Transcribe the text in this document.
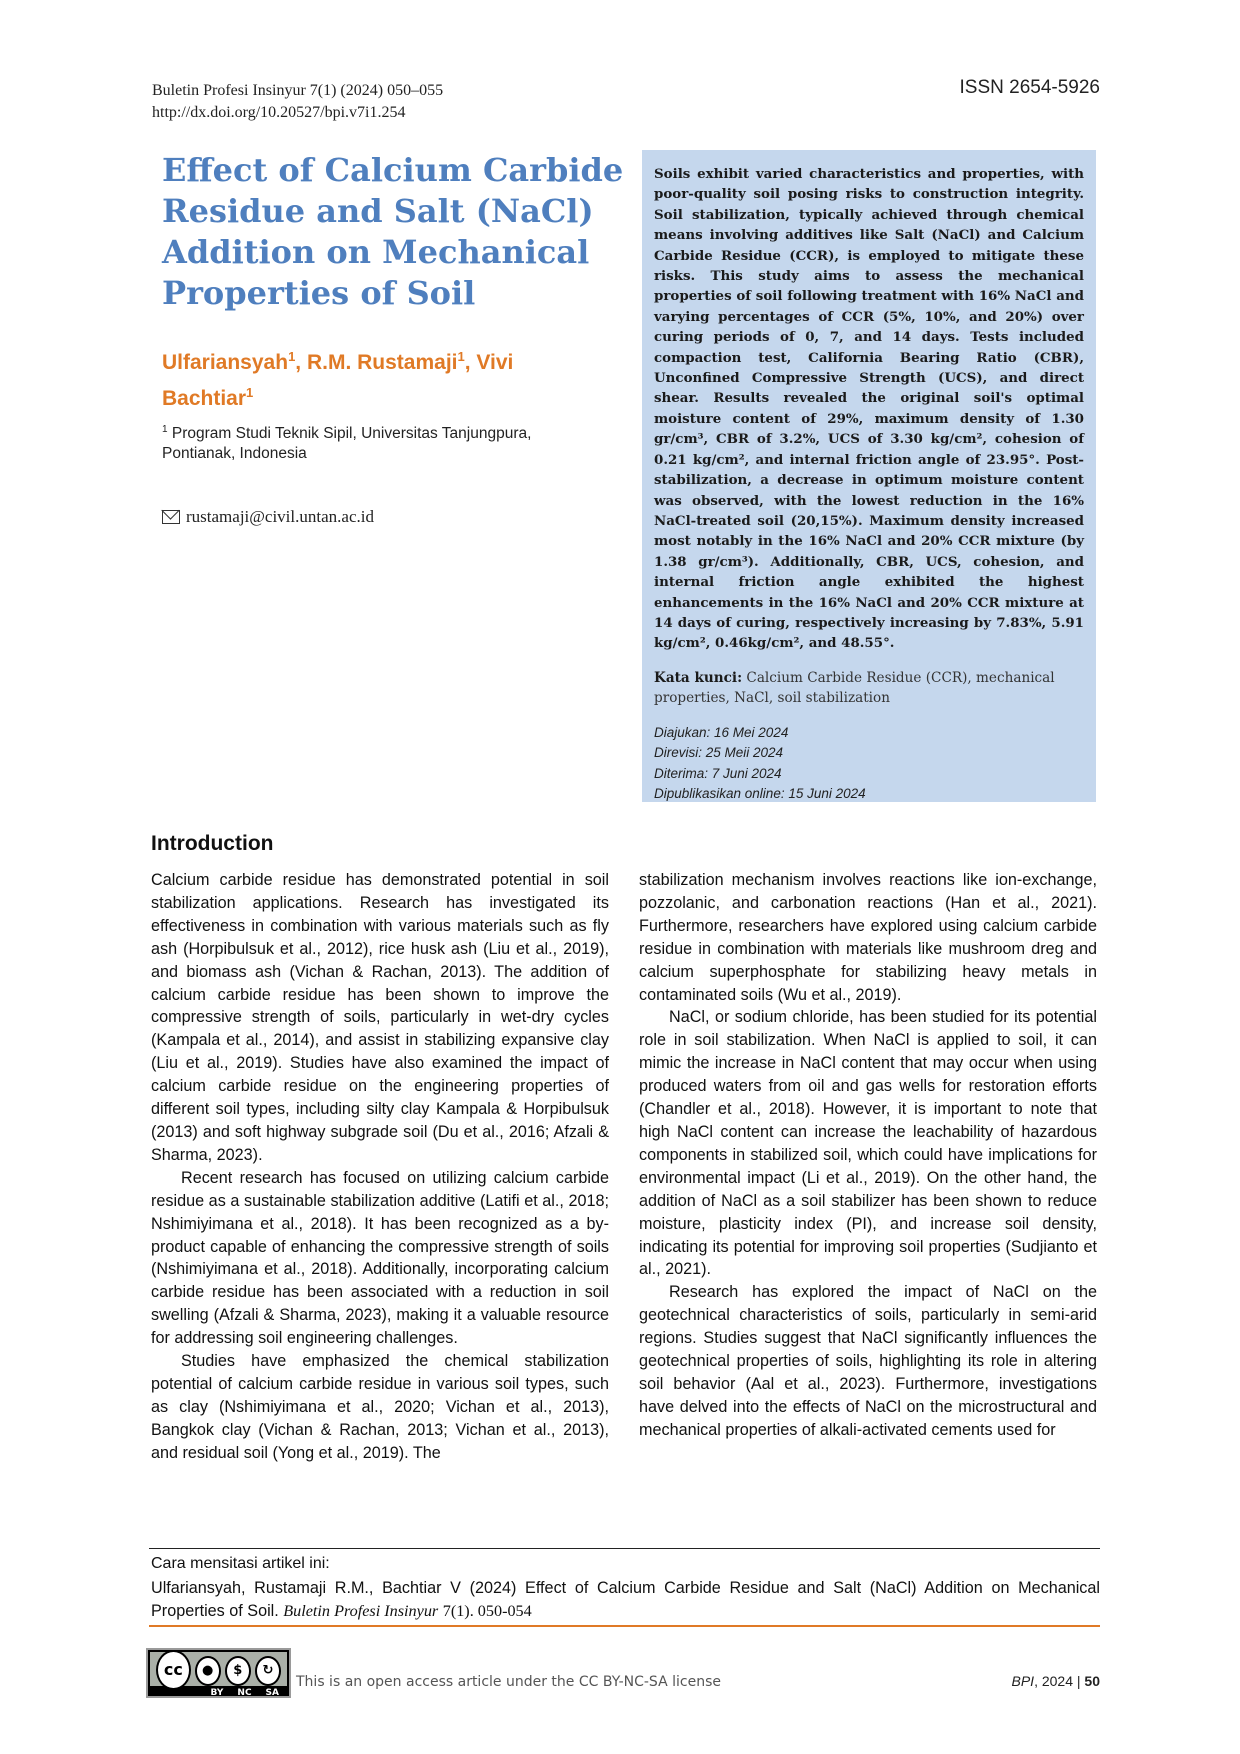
Buletin Profesi Insinyur 7(1) (2024) 050–055
http://dx.doi.org/10.20527/bpi.v7i1.254
ISSN 2654-5926
Effect of Calcium Carbide Residue and Salt (NaCl) Addition on Mechanical Properties of Soil
Ulfariansyah$^1$, R.M. Rustamaji$^1$, Vivi Bachtiar$^1$
$^1$ Program Studi Teknik Sipil, Universitas Tanjungpura, Pontianak, Indonesia
rustamaji@civil.untan.ac.id

Soils exhibit varied characteristics and properties, with poor-quality soil posing risks to construction integrity. Soil stabilization, typically achieved through chemical means involving additives like Salt (NaCl) and Calcium Carbide Residue (CCR), is employed to mitigate these risks. This study aims to assess the mechanical properties of soil following treatment with 16% NaCl and varying percentages of CCR (5%, 10%, and 20%) over curing periods of 0, 7, and 14 days. Tests included compaction test, California Bearing Ratio (CBR), Unconfined Compressive Strength (UCS), and direct shear. Results revealed the original soil's optimal moisture content of 29%, maximum density of 1.30 gr/cm³, CBR of 3.2%, UCS of 3.30 kg/cm², cohesion of 0.21 kg/cm², and internal friction angle of 23.95°. Post-stabilization, a decrease in optimum moisture content was observed, with the lowest reduction in the 16% NaCl-treated soil (20,15%). Maximum density increased most notably in the 16% NaCl and 20% CCR mixture (by 1.38 gr/cm³). Additionally, CBR, UCS, cohesion, and internal friction angle exhibited the highest enhancements in the 16% NaCl and 20% CCR mixture at 14 days of curing, respectively increasing by 7.83%, 5.91 kg/cm², 0.46kg/cm², and 48.55°.

Kata kunci: Calcium Carbide Residue (CCR), mechanical properties, NaCl, soil stabilization

Diajukan: 16 Mei 2024
Direvisi: 25 Meii 2024
Diterima: 7 Juni 2024
Dipublikasikan online: 15 Juni 2024
Introduction

Calcium carbide residue has demonstrated potential in soil stabilization applications. Research has investigated its effectiveness in combination with various materials such as fly ash (Horpibulsuk et al., 2012), rice husk ash (Liu et al., 2019), and biomass ash (Vichan & Rachan, 2013). The addition of calcium carbide residue has been shown to improve the compressive strength of soils, particularly in wet-dry cycles (Kampala et al., 2014), and assist in stabilizing expansive clay (Liu et al., 2019). Studies have also examined the impact of calcium carbide residue on the engineering properties of different soil types, including silty clay Kampala & Horpibulsuk (2013) and soft highway subgrade soil (Du et al., 2016; Afzali & Sharma, 2023).

Recent research has focused on utilizing calcium carbide residue as a sustainable stabilization additive (Latifi et al., 2018; Nshimiyimana et al., 2018). It has been recognized as a by-product capable of enhancing the compressive strength of soils (Nshimiyimana et al., 2018). Additionally, incorporating calcium carbide residue has been associated with a reduction in soil swelling (Afzali & Sharma, 2023), making it a valuable resource for addressing soil engineering challenges.

Studies have emphasized the chemical stabilization potential of calcium carbide residue in various soil types, such as clay (Nshimiyimana et al., 2020; Vichan et al., 2013), Bangkok clay (Vichan & Rachan, 2013; Vichan et al., 2013), and residual soil (Yong et al., 2019). The

stabilization mechanism involves reactions like ion-exchange, pozzolanic, and carbonation reactions (Han et al., 2021). Furthermore, researchers have explored using calcium carbide residue in combination with materials like mushroom dreg and calcium superphosphate for stabilizing heavy metals in contaminated soils (Wu et al., 2019).

NaCl, or sodium chloride, has been studied for its potential role in soil stabilization. When NaCl is applied to soil, it can mimic the increase in NaCl content that may occur when using produced waters from oil and gas wells for restoration efforts (Chandler et al., 2018). However, it is important to note that high NaCl content can increase the leachability of hazardous components in stabilized soil, which could have implications for environmental impact (Li et al., 2019). On the other hand, the addition of NaCl as a soil stabilizer has been shown to reduce moisture, plasticity index (PI), and increase soil density, indicating its potential for improving soil properties (Sudjianto et al., 2021).

Research has explored the impact of NaCl on the geotechnical characteristics of soils, particularly in semi-arid regions. Studies suggest that NaCl significantly influences the geotechnical properties of soils, highlighting its role in altering soil behavior (Aal et al., 2023). Furthermore, investigations have delved into the effects of NaCl on the microstructural and mechanical properties of alkali-activated cements used for

Cara mensitasi artikel ini:
Ulfariansyah, Rustamaji R.M., Bachtiar V (2024) Effect of Calcium Carbide Residue and Salt (NaCl) Addition on Mechanical Properties of Soil. Buletin Profesi Insinyur 7(1). 050-054
cc	●	$	↻
BY NC SA
This is an open access article under the CC BY-NC-SA license	BPI, 2024 | 50
